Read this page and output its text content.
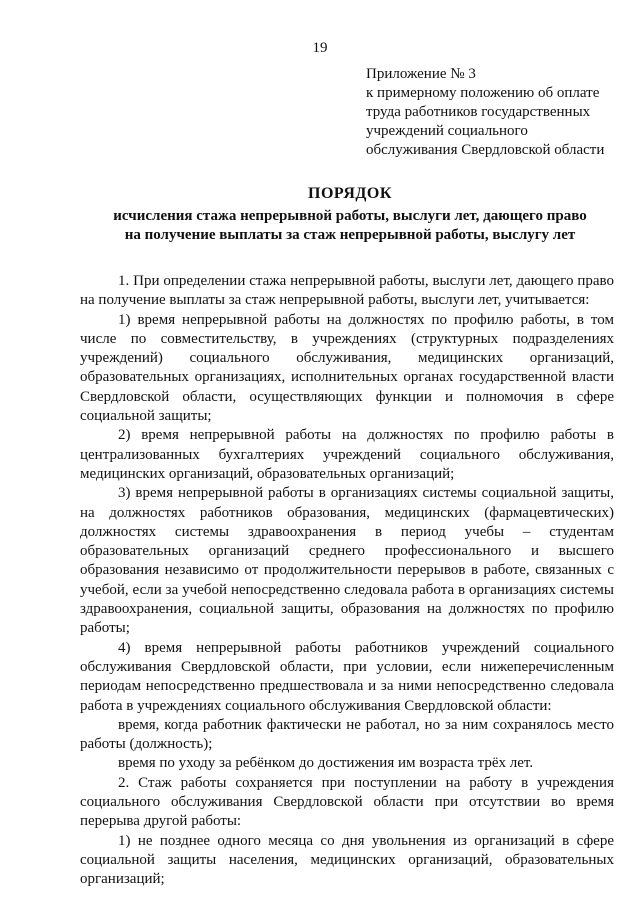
19
Приложение № 3
к примерному положению об оплате
труда работников государственных
учреждений социального
обслуживания Свердловской области
ПОРЯДОК
исчисления стажа непрерывной работы, выслуги лет, дающего право
на получение выплаты за стаж непрерывной работы, выслугу лет

1. При определении стажа непрерывной работы, выслуги лет, дающего право на получение выплаты за стаж непрерывной работы, выслуги лет, учитывается:

1) время непрерывной работы на должностях по профилю работы, в том числе по совместительству, в учреждениях (структурных подразделениях учреждений) социального обслуживания, медицинских организаций, образовательных организациях, исполнительных органах государственной власти Свердловской области, осуществляющих функции и полномочия в сфере социальной защиты;

2) время непрерывной работы на должностях по профилю работы в централизованных бухгалтериях учреждений социального обслуживания, медицинских организаций, образовательных организаций;

3) время непрерывной работы в организациях системы социальной защиты, на должностях работников образования, медицинских (фармацевтических) должностях системы здравоохранения в период учебы – студентам образовательных организаций среднего профессионального и высшего образования независимо от продолжительности перерывов в работе, связанных с учебой, если за учебой непосредственно следовала работа в организациях системы здравоохранения, социальной защиты, образования на должностях по профилю работы;

4) время непрерывной работы работников учреждений социального обслуживания Свердловской области, при условии, если нижеперечисленным периодам непосредственно предшествовала и за ними непосредственно следовала работа в учреждениях социального обслуживания Свердловской области:

время, когда работник фактически не работал, но за ним сохранялось место работы (должность);

время по уходу за ребёнком до достижения им возраста трёх лет.

2. Стаж работы сохраняется при поступлении на работу в учреждения социального обслуживания Свердловской области при отсутствии во время перерыва другой работы:

1) не позднее одного месяца со дня увольнения из организаций в сфере социальной защиты населения, медицинских организаций, образовательных организаций;
